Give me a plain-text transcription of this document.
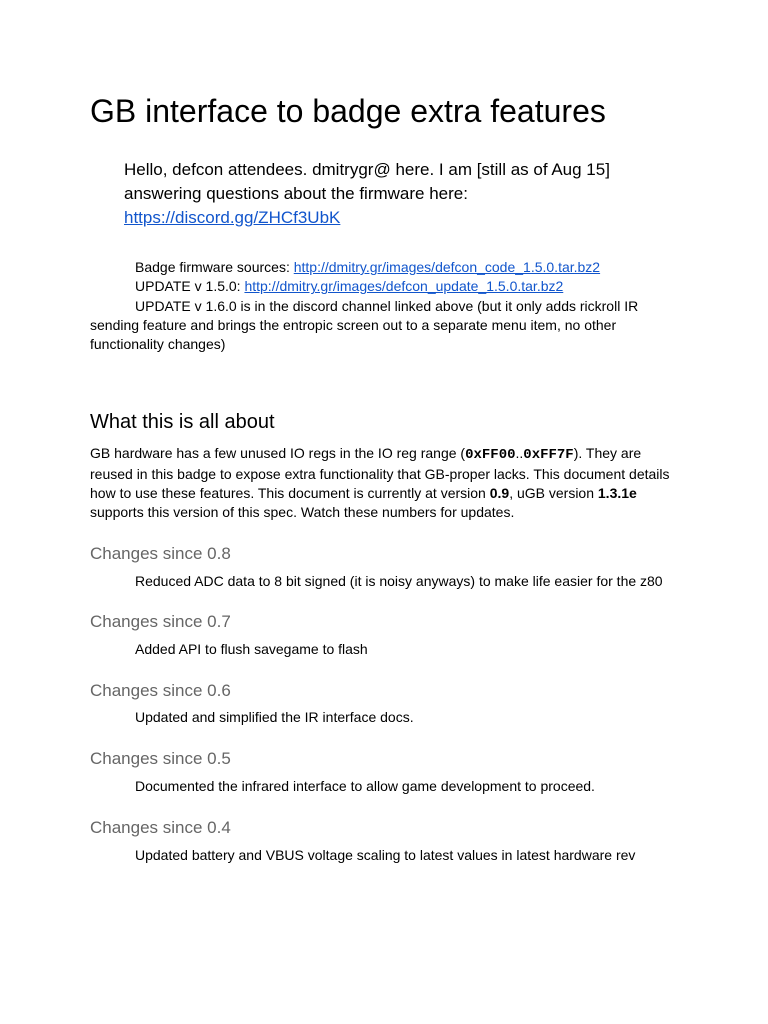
GB interface to badge extra features

Hello, defcon attendees. dmitrygr@ here. I am [still as of Aug 15] answering questions about the firmware here:
https://discord.gg/ZHCf3UbK

Badge firmware sources: http://dmitry.gr/images/defcon_code_1.5.0.tar.bz2
UPDATE v 1.5.0: http://dmitry.gr/images/defcon_update_1.5.0.tar.bz2
UPDATE v 1.6.0 is in the discord channel linked above (but it only adds rickroll IR sending feature and brings the entropic screen out to a separate menu item, no other functionality changes)
What this is all about

GB hardware has a few unused IO regs in the IO reg range (0xFF00..0xFF7F). They are reused in this badge to expose extra functionality that GB-proper lacks. This document details how to use these features. This document is currently at version 0.9, uGB version 1.3.1e supports this version of this spec. Watch these numbers for updates.

Changes since 0.8

Reduced ADC data to 8 bit signed (it is noisy anyways) to make life easier for the z80

Changes since 0.7

Added API to flush savegame to flash

Changes since 0.6

Updated and simplified the IR interface docs.

Changes since 0.5

Documented the infrared interface to allow game development to proceed.

Changes since 0.4

Updated battery and VBUS voltage scaling to latest values in latest hardware rev
